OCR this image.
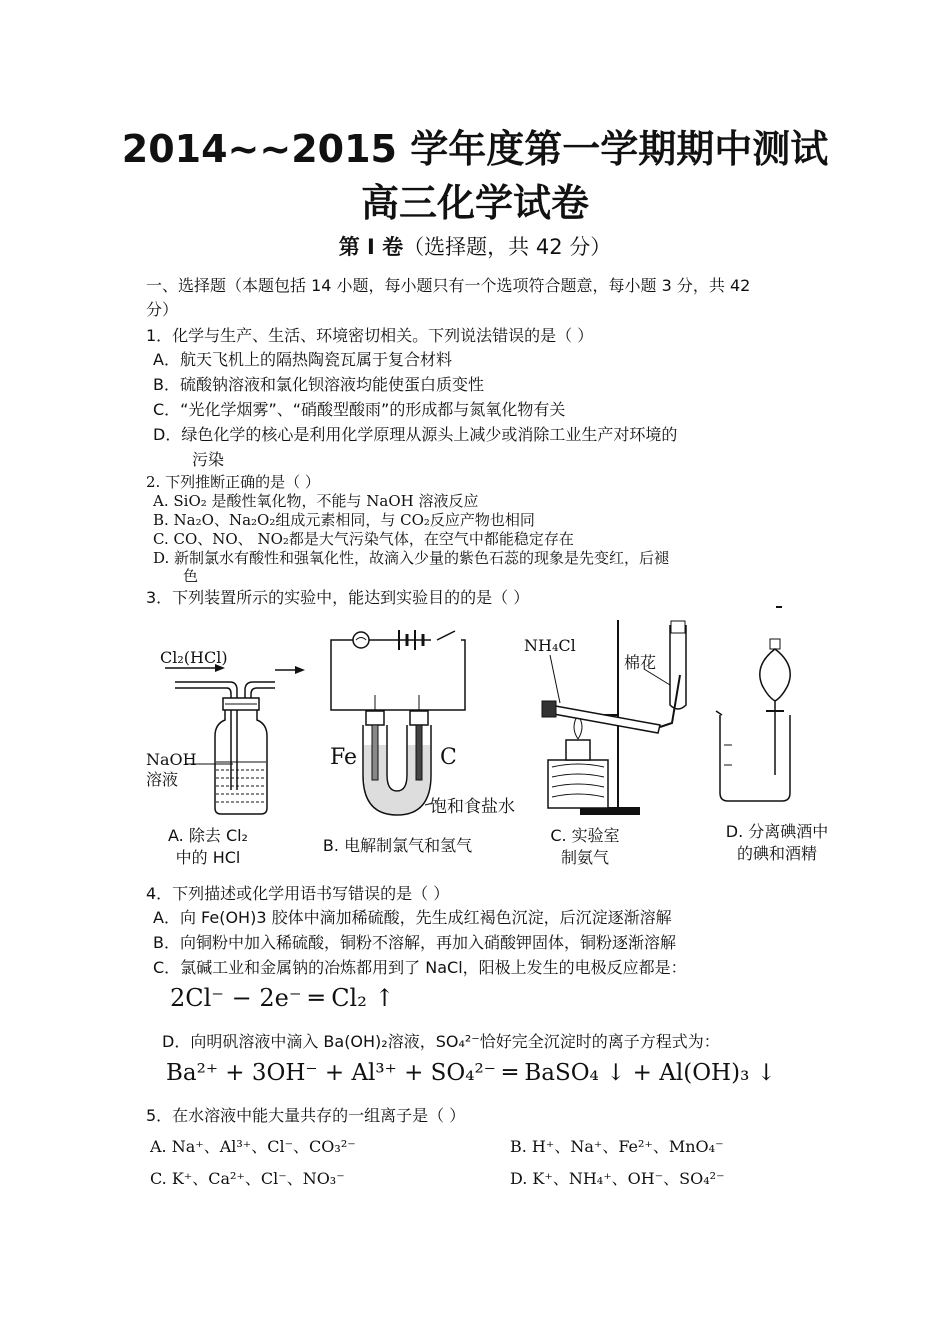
2014~~2015 学年度第一学期期中测试
高三化学试卷
第 I 卷（选择题，共 42 分）
一、选择题（本题包括 14 小题，每小题只有一个选项符合题意，每小题 3 分，共 42
分）
1．化学与生产、生活、环境密切相关。下列说法错误的是（ ）
A．航天飞机上的隔热陶瓷瓦属于复合材料
B．硫酸钠溶液和氯化钡溶液均能使蛋白质变性
C．“光化学烟雾”、“硝酸型酸雨”的形成都与氮氧化物有关
D．绿色化学的核心是利用化学原理从源头上减少或消除工业生产对环境的
污染
2. 下列推断正确的是（ ）
A. SiO₂ 是酸性氧化物，不能与 NaOH 溶液反应
B. Na₂O、Na₂O₂组成元素相同，与 CO₂反应产物也相同
C. CO、NO、 NO₂都是大气污染气体，在空气中都能稳定存在
D. 新制氯水有酸性和强氧化性，故滴入少量的紫色石蕊的现象是先变红，后褪
色
3．下列装置所示的实验中，能达到实验目的的是（ ）
Cl₂(HCl)
NaOH
溶液
A. 除去 Cl₂
中的 HCl
Fe	C
饱和食盐水
B. 电解制氯气和氢气
NH₄Cl
棉花
C. 实验室
制氨气
D. 分离碘酒中
的碘和酒精
4．下列描述或化学用语书写错误的是（ ）
A．向 Fe(OH)3 胶体中滴加稀硫酸，先生成红褐色沉淀，后沉淀逐渐溶解
B．向铜粉中加入稀硫酸，铜粉不溶解，再加入硝酸钾固体，铜粉逐渐溶解
C．氯碱工业和金属钠的冶炼都用到了 NaCl，阳极上发生的电极反应都是：
2Cl⁻ − 2e⁻ ═ Cl₂ ↑
D．向明矾溶液中滴入 Ba(OH)₂溶液，SO₄²⁻恰好完全沉淀时的离子方程式为：
Ba²⁺ + 3OH⁻ + Al³⁺ + SO₄²⁻ ═ BaSO₄ ↓ + Al(OH)₃ ↓
5．在水溶液中能大量共存的一组离子是（ ）
A. Na⁺、Al³⁺、Cl⁻、CO₃²⁻	B. H⁺、Na⁺、Fe²⁺、MnO₄⁻
C. K⁺、Ca²⁺、Cl⁻、NO₃⁻	D. K⁺、NH₄⁺、OH⁻、SO₄²⁻
